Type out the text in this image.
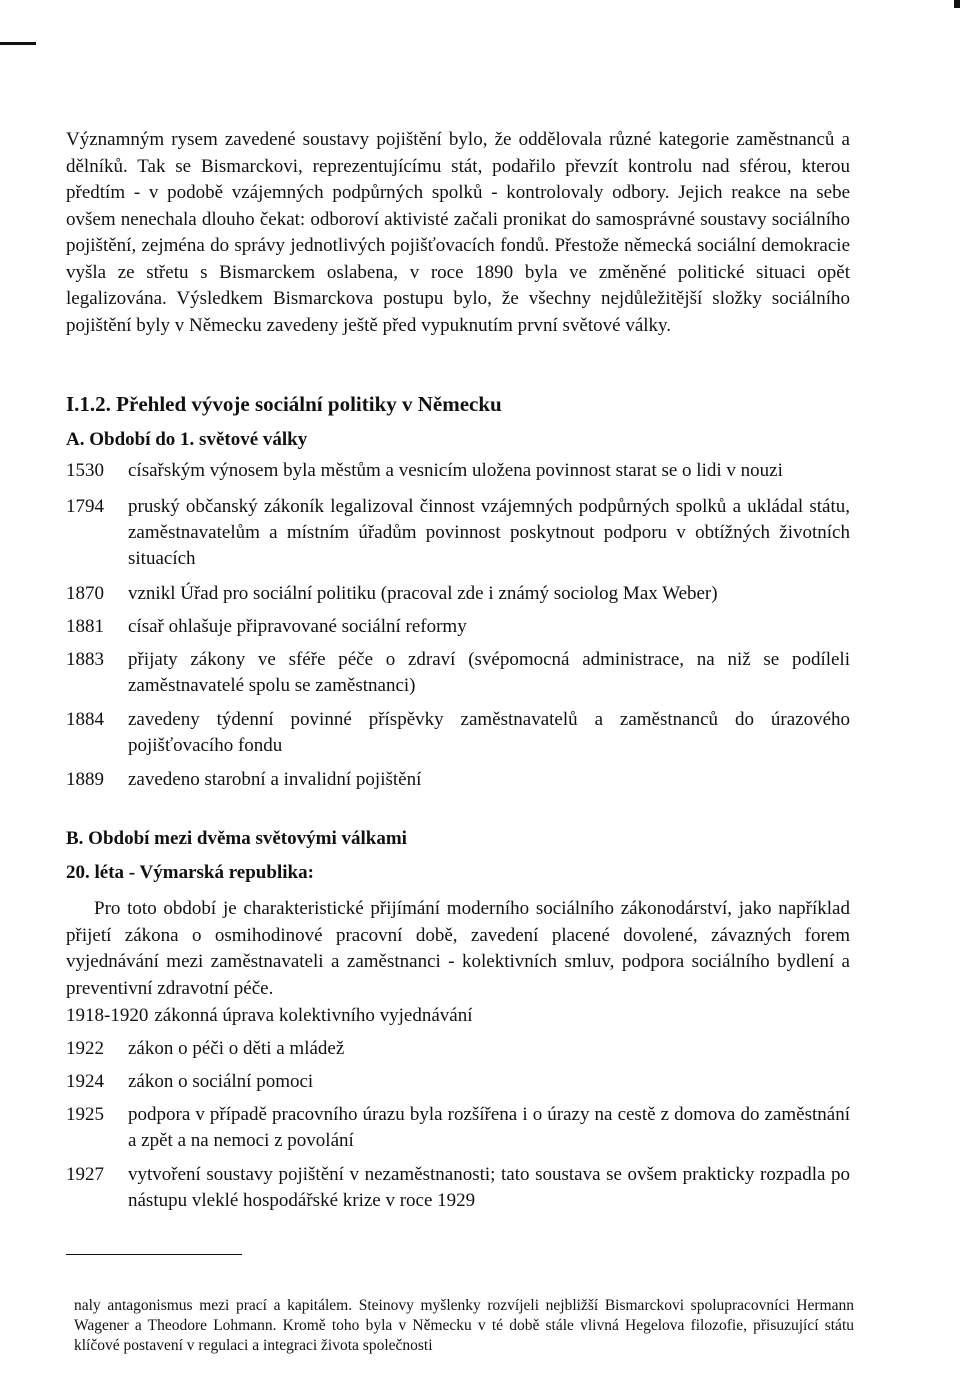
Významným rysem zavedené soustavy pojištění bylo, že oddělovala různé kategorie zaměstnanců a dělníků. Tak se Bismarckovi, reprezentujícímu stát, podařilo převzít kontrolu nad sférou, kterou předtím - v podobě vzájemných podpůrných spolků - kontrolovaly odbory. Jejich reakce na sebe ovšem nenechala dlouho čekat: odboroví aktivisté začali pronikat do samosprávné soustavy sociálního pojištění, zejména do správy jednotlivých pojišťovacích fondů. Přestože německá sociální demokracie vyšla ze střetu s Bismarckem oslabena, v roce 1890 byla ve změněné politické situaci opět legalizována. Výsledkem Bismarckova postupu bylo, že všechny nejdůležitější složky sociálního pojištění byly v Německu zavedeny ještě před vypuknutím první světové války.

I.1.2. Přehled vývoje sociální politiky v Německu
A. Období do 1. světové války
1530	císařským výnosem byla městům a vesnicím uložena povinnost starat se o lidi v nouzi
1794	pruský občanský zákoník legalizoval činnost vzájemných podpůrných spolků a ukládal státu, zaměstnavatelům a místním úřadům povinnost poskytnout podporu v obtížných životních situacích
1870	vznikl Úřad pro sociální politiku (pracoval zde i známý sociolog Max Weber)
1881	císař ohlašuje připravované sociální reformy
1883	přijaty zákony ve sféře péče o zdraví (svépomocná administrace, na niž se podíleli zaměstnavatelé spolu se zaměstnanci)
1884	zavedeny týdenní povinné příspěvky zaměstnavatelů a zaměstnanců do úrazového pojišťovacího fondu
1889	zavedeno starobní a invalidní pojištění
B. Období mezi dvěma světovými válkami
20. léta - Výmarská republika:

Pro toto období je charakteristické přijímání moderního sociálního zákonodárství, jako například přijetí zákona o osmihodinové pracovní době, zavedení placené dovolené, závazných forem vyjednávání mezi zaměstnavateli a zaměstnanci - kolektivních smluv, podpora sociálního bydlení a preventivní zdravotní péče.

1918-1920 zákonná úprava kolektivního vyjednávání
1922	zákon o péči o děti a mládež
1924	zákon o sociální pomoci
1925	podpora v případě pracovního úrazu byla rozšířena i o úrazy na cestě z domova do zaměstnání a zpět a na nemoci z povolání
1927	vytvoření soustavy pojištění v nezaměstnanosti; tato soustava se ovšem prakticky rozpadla po nástupu vleklé hospodářské krize v roce 1929

naly antagonismus mezi prací a kapitálem. Steinovy myšlenky rozvíjeli nejbližší Bismarckovi spolupracovníci Hermann Wagener a Theodore Lohmann. Kromě toho byla v Německu v té době stále vlivná Hegelova filozofie, přisuzující státu klíčové postavení v regulaci a integraci života společnosti
